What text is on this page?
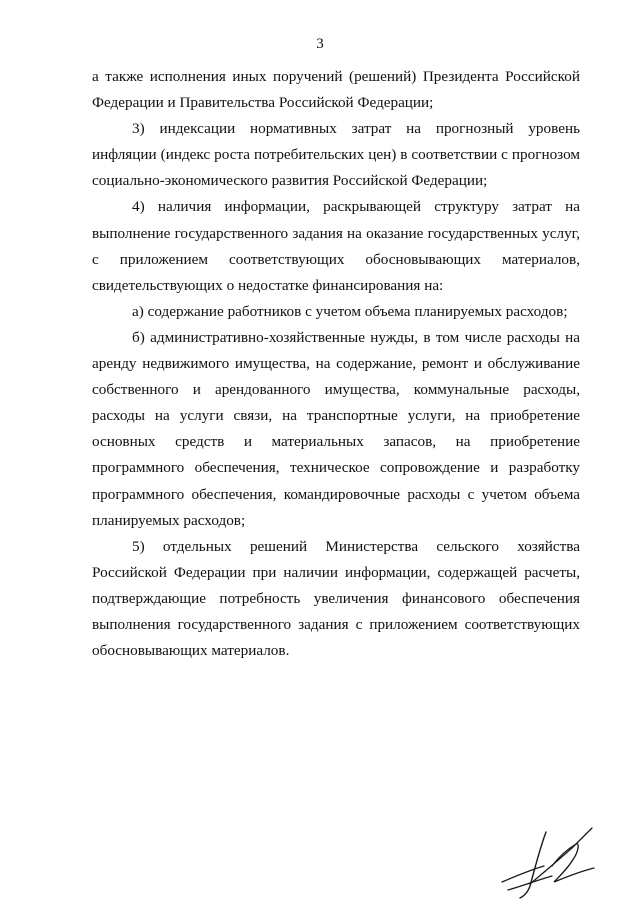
3

а также исполнения иных поручений (решений) Президента Российской Федерации и Правительства Российской Федерации;

3) индексации нормативных затрат на прогнозный уровень инфляции (индекс роста потребительских цен) в соответствии с прогнозом социально-экономического развития Российской Федерации;

4) наличия информации, раскрывающей структуру затрат на выполнение государственного задания на оказание государственных услуг, с приложением соответствующих обосновывающих материалов, свидетельствующих о недостатке финансирования на:

а) содержание работников с учетом объема планируемых расходов;

б) административно-хозяйственные нужды, в том числе расходы на аренду недвижимого имущества, на содержание, ремонт и обслуживание собственного и арендованного имущества, коммунальные расходы, расходы на услуги связи, на транспортные услуги, на приобретение основных средств и материальных запасов, на приобретение программного обеспечения, техническое сопровождение и разработку программного обеспечения, командировочные расходы с учетом объема планируемых расходов;

5) отдельных решений Министерства сельского хозяйства Российской Федерации при наличии информации, содержащей расчеты, подтверждающие потребность увеличения финансового обеспечения выполнения государственного задания с приложением соответствующих обосновывающих материалов.
